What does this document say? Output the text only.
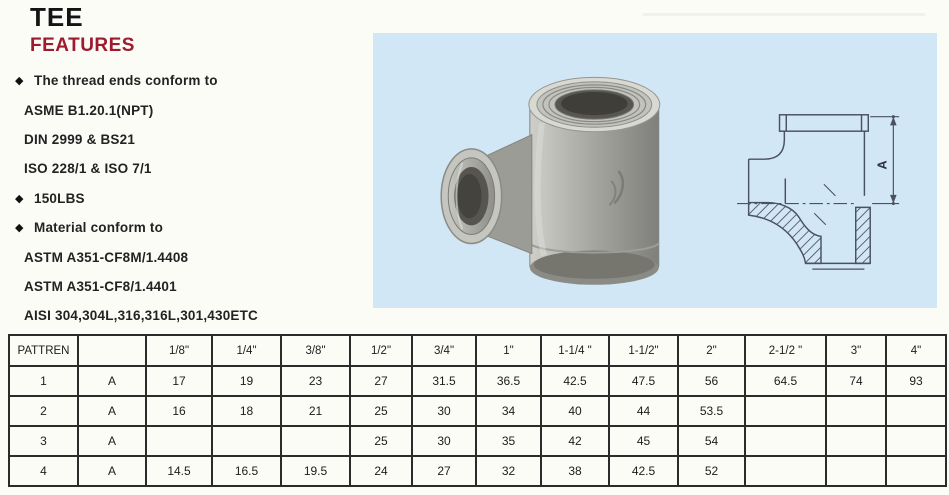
TEE
FEATURES
◆ The thread ends conform to
ASME B1.20.1(NPT)
DIN 2999 & BS21
ISO 228/1 & ISO 7/1
◆ 150LBS
◆ Material conform to
ASTM A351-CF8M/1.4408
ASTM A351-CF8/1.4401
AISI 304,304L,316,316L,301,430ETC
A
PATTREN		1/8"	1/4"	3/8"	1/2"	3/4"	1"	1-1/4 "	1-1/2"	2"	2-1/2 "	3"	4"
1	A	17	19	23	27	31.5	36.5	42.5	47.5	56	64.5	74	93
2	A	16	18	21	25	30	34	40	44	53.5			
3	A				25	30	35	42	45	54			
4	A	14.5	16.5	19.5	24	27	32	38	42.5	52			
